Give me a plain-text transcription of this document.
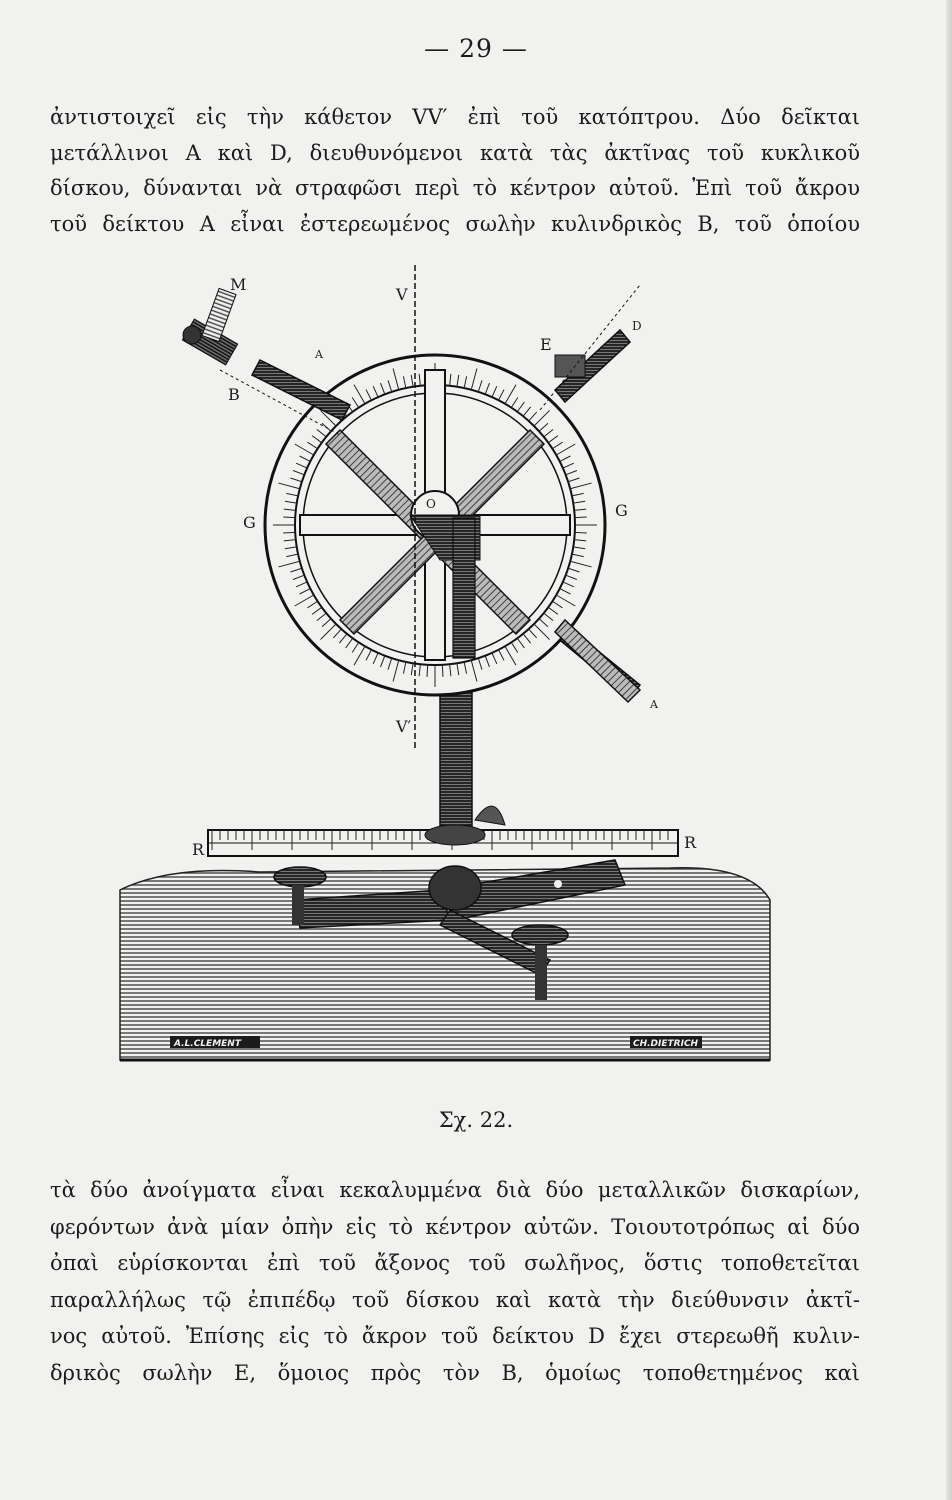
— 29 —
ἀντιστοιχεῖ εἰς τὴν κάθετον VV′ ἐπὶ τοῦ κατόπτρου. Δύο δεῖκται
μετάλλινοι A καὶ D, διευθυνόμενοι κατὰ τὰς ἀκτῖνας τοῦ κυκλικοῦ
δίσκου, δύνανται νὰ στραφῶσι περὶ τὸ κέντρον αὐτοῦ. Ἐπὶ τοῦ ἄκρου
τοῦ δείκτου A εἶναι ἐστερεωμένος σωλὴν κυλινδρικὸς B, τοῦ ὁποίου
A.L.CLEMENT	CH.DIETRICH
R	R
O
V
V′
M
B
A
E
D
A
G
G
Σχ. 22.
τὰ δύο ἀνοίγματα εἶναι κεκαλυμμένα διὰ δύο μεταλλικῶν δισκαρίων,
φερόντων ἀνὰ μίαν ὀπὴν εἰς τὸ κέντρον αὐτῶν. Τοιουτοτρόπως αἱ δύο
ὀπαὶ εὑρίσκονται ἐπὶ τοῦ ἄξονος τοῦ σωλῆνος, ὅστις τοποθετεῖται
παραλλήλως τῷ ἐπιπέδῳ τοῦ δίσκου καὶ κατὰ τὴν διεύθυνσιν ἀκτῖ-
νος αὐτοῦ. Ἐπίσης εἰς τὸ ἄκρον τοῦ δείκτου D ἔχει στερεωθῆ κυλιν-
δρικὸς σωλὴν E, ὅμοιος πρὸς τὸν B, ὁμοίως τοποθετημένος καὶ
